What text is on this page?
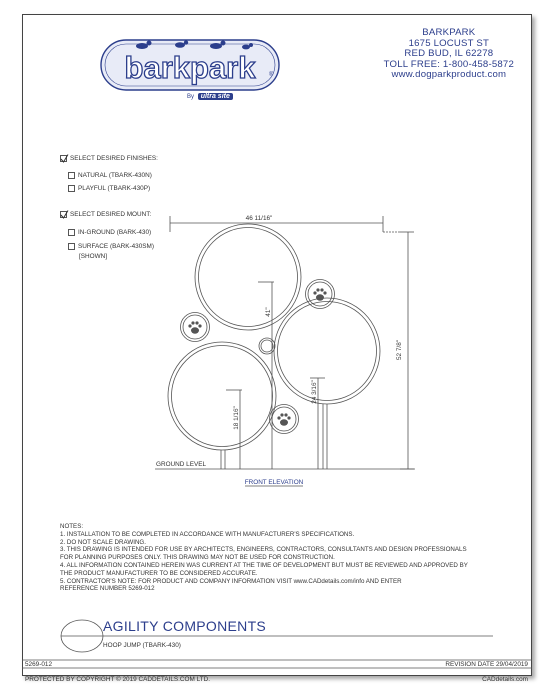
barkpark ®
By ultra site
BARKPARK
1675 LOCUST ST
RED BUD, IL 62278
TOLL FREE: 1-800-458-5872
www.dogparkproduct.com
SELECT DESIRED FINISHES:
NATURAL (TBARK-430N)
PLAYFUL (TBARK-430P)
SELECT DESIRED MOUNT:
IN-GROUND (BARK-430)
SURFACE (BARK-430SM)
[SHOWN]
46 11/16"
52 7/8"
41"
24 3/16"
18 1/16"
GROUND LEVEL
FRONT ELEVATION
NOTES:
1. INSTALLATION TO BE COMPLETED IN ACCORDANCE WITH MANUFACTURER'S SPECIFICATIONS.
2. DO NOT SCALE DRAWING.
3. THIS DRAWING IS INTENDED FOR USE BY ARCHITECTS, ENGINEERS, CONTRACTORS, CONSULTANTS AND DESIGN PROFESSIONALS
FOR PLANNING PURPOSES ONLY. THIS DRAWING MAY NOT BE USED FOR CONSTRUCTION.
4. ALL INFORMATION CONTAINED HEREIN WAS CURRENT AT THE TIME OF DEVELOPMENT BUT MUST BE REVIEWED AND APPROVED BY
THE PRODUCT MANUFACTURER TO BE CONSIDERED ACCURATE.
5. CONTRACTOR'S NOTE: FOR PRODUCT AND COMPANY INFORMATION VISIT www.CADdetails.com/info AND ENTER
REFERENCE NUMBER 5269-012
AGILITY COMPONENTS
HOOP JUMP (TBARK-430)
5269-012	REVISION DATE 29/04/2019
PROTECTED BY COPYRIGHT © 2019 CADDETAILS.COM LTD.	CADdetails.com
